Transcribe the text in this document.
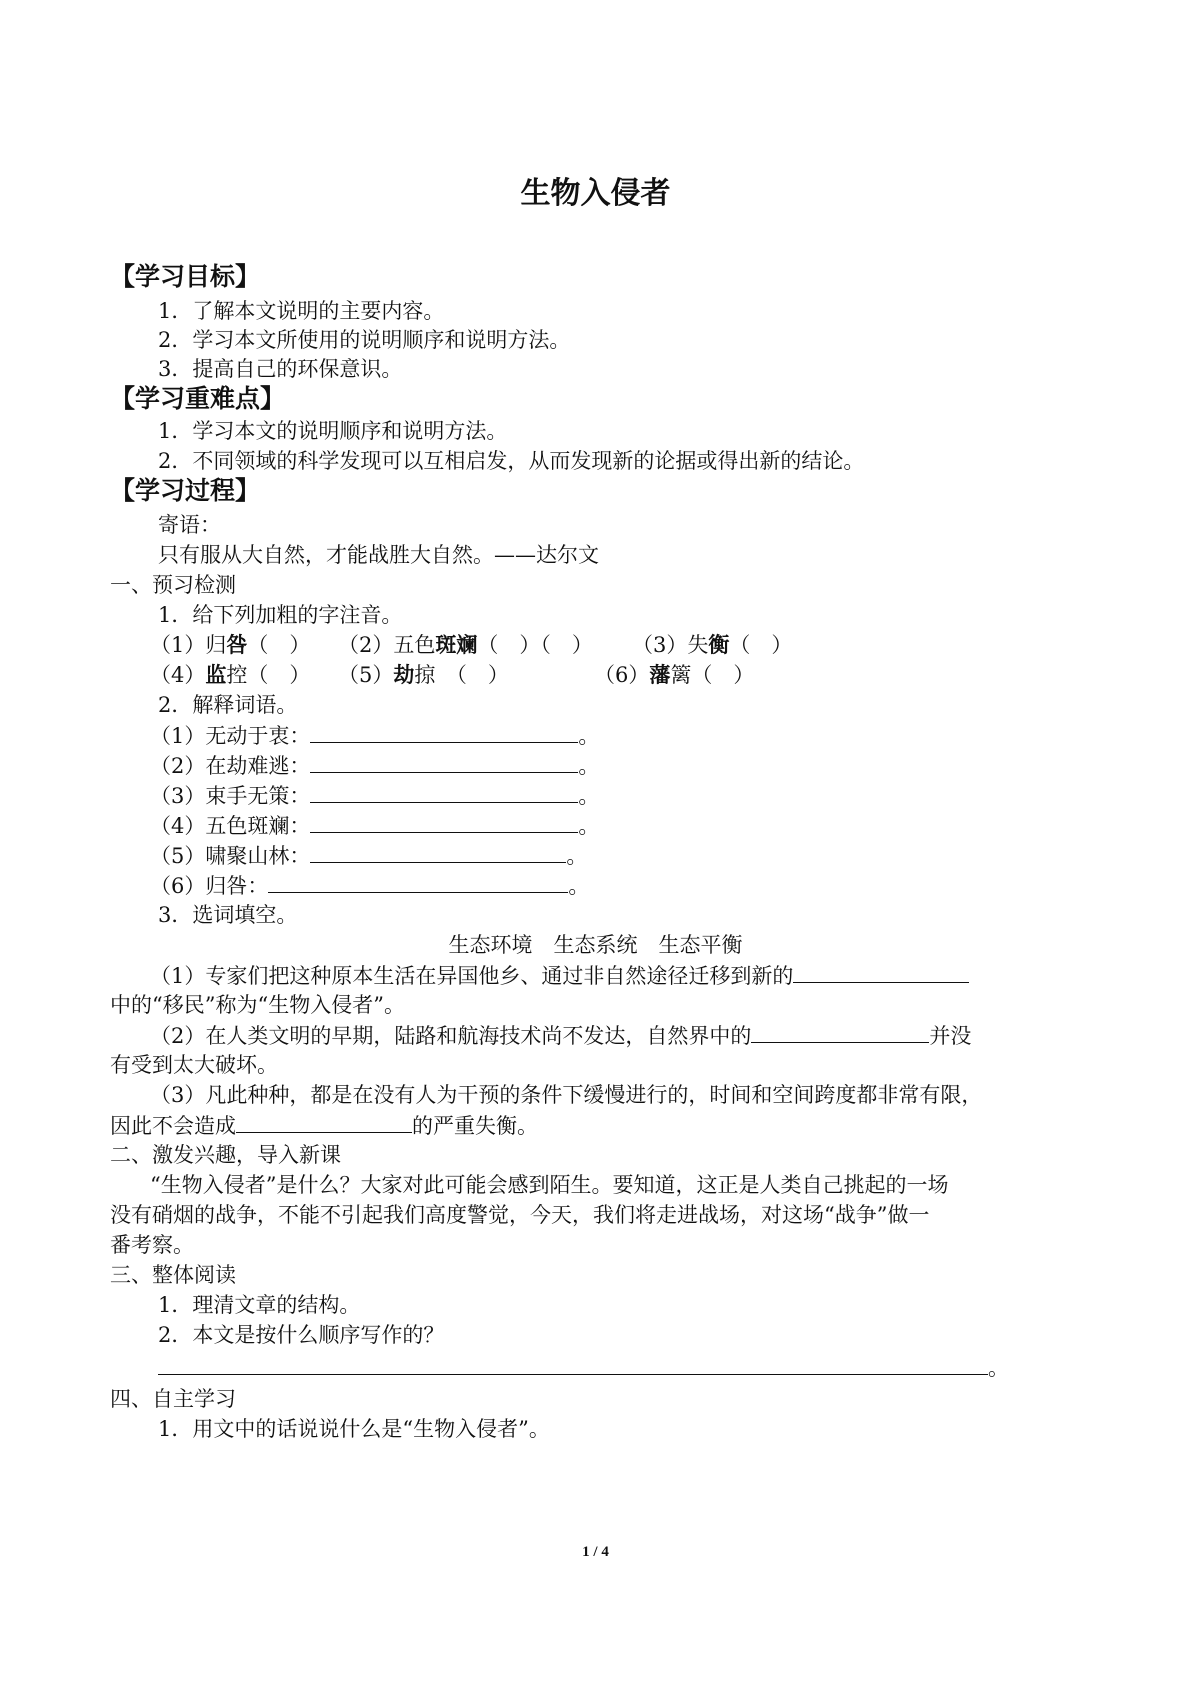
生物入侵者
【学习目标】
1．了解本文说明的主要内容。
2．学习本文所使用的说明顺序和说明方法。
3．提高自己的环保意识。
【学习重难点】
1．学习本文的说明顺序和说明方法。
2．不同领域的科学发现可以互相启发，从而发现新的论据或得出新的结论。
【学习过程】
寄语：
只有服从大自然，才能战胜大自然。——达尔文
一、预习检测
1．给下列加粗的字注音。
（1）归咎（　） （2）五色斑斓（　）（　） （3）失衡（　）
（4）监控（　） （5）劫掠　（　）	（6）藩篱（　）
2．解释词语。
（1）无动于衷：	。
（2）在劫难逃：	。
（3）束手无策：	。
（4）五色斑斓：	。
（5）啸聚山林：	。
（6）归咎：	。
3．选词填空。
生态环境　生态系统　生态平衡
（1）专家们把这种原本生活在异国他乡、通过非自然途径迁移到新的
中的“移民”称为“生物入侵者”。
（2）在人类文明的早期，陆路和航海技术尚不发达，自然界中的	并没
有受到太大破坏。
（3）凡此种种，都是在没有人为干预的条件下缓慢进行的，时间和空间跨度都非常有限，
因此不会造成	的严重失衡。
二、激发兴趣，导入新课
“生物入侵者”是什么？大家对此可能会感到陌生。要知道，这正是人类自己挑起的一场
没有硝烟的战争，不能不引起我们高度警觉，今天，我们将走进战场，对这场“战争”做一
番考察。
三、整体阅读
1．理清文章的结构。
2．本文是按什么顺序写作的？
。
四、自主学习
1．用文中的话说说什么是“生物入侵者”。
1 / 4
